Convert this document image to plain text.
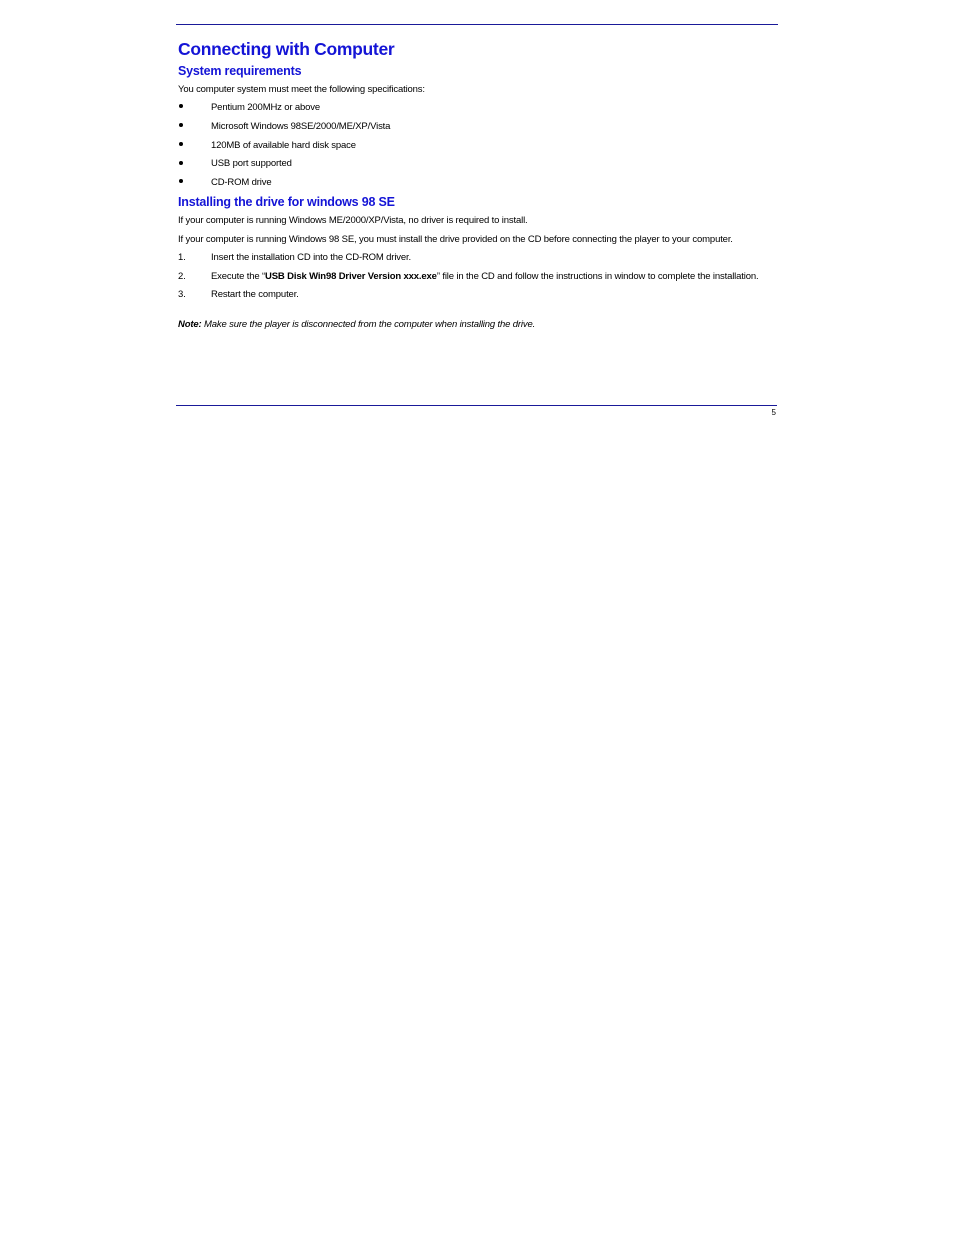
Connecting with Computer
System requirements

You computer system must meet the following specifications:

Pentium 200MHz or above
Microsoft Windows 98SE/2000/ME/XP/Vista
120MB of available hard disk space
USB port supported
CD-ROM drive
Installing the drive for windows 98 SE

If your computer is running Windows ME/2000/XP/Vista, no driver is required to install.

If your computer is running Windows 98 SE, you must install the drive provided on the CD before connecting the player to your computer.

1.	Insert the installation CD into the CD-ROM driver.
2.	Execute the “USB Disk Win98 Driver Version xxx.exe” file in the CD and follow the instructions in window to complete the installation.
3.	Restart the computer.

Note: Make sure the player is disconnected from the computer when installing the drive.

5
